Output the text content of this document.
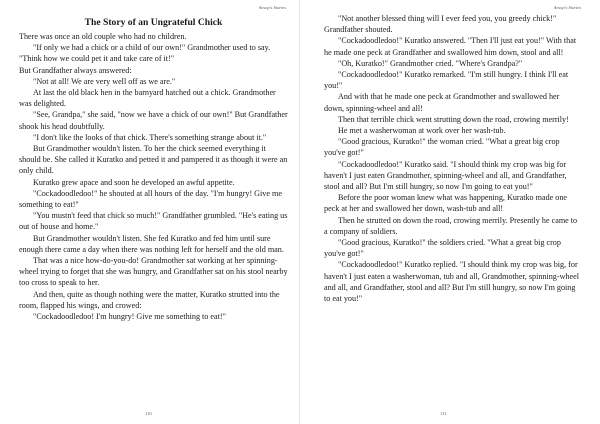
Aesop's Stories
The Story of an Ungrateful Chick

There was once an old couple who had no children.

"If only we had a chick or a child of our own!" Grandmother used to say. "Think how we could pet it and take care of it!"

But Grandfather always answered:

"Not at all! We are very well off as we are."

At last the old black hen in the barnyard hatched out a chick. Grandmother was delighted.

"See, Grandpa," she said, "now we have a chick of our own!" But Grandfather shook his head doubtfully.

"I don't like the looks of that chick. There's something strange about it."

But Grandmother wouldn't listen. To her the chick seemed everything it should be. She called it Kuratko and petted it and pampered it as though it were an only child.

Kuratko grew apace and soon he developed an awful appetite.

"Cockadoodledoo!" he shouted at all hours of the day. "I'm hungry! Give me something to eat!"

"You mustn't feed that chick so much!" Grandfather grumbled. "He's eating us out of house and home."

But Grandmother wouldn't listen. She fed Kuratko and fed him until sure enough there came a day when there was nothing left for herself and the old man.

That was a nice how-do-you-do! Grandmother sat working at her spinning-wheel trying to forget that she was hungry, and Grandfather sat on his stool nearby too cross to speak to her.

And then, quite as though nothing were the matter, Kuratko strutted into the room, flapped his wings, and crowed:

"Cockadoodledoo! I'm hungry! Give me something to eat!"

110
Aesop's Stories

"Not another blessed thing will I ever feed you, you greedy chick!" Grandfather shouted.

"Cockadoodledoo!" Kuratko answered. "Then I'll just eat you!" With that he made one peck at Grandfather and swallowed him down, stool and all!

"Oh, Kuratko!" Grandmother cried. "Where's Grandpa?"

"Cockadoodledoo!" Kuratko remarked. "I'm still hungry. I think I'll eat you!"

And with that he made one peck at Grandmother and swallowed her down, spinning-wheel and all!

Then that terrible chick went strutting down the road, crowing merrily!

He met a washerwoman at work over her wash-tub.

"Good gracious, Kuratko!" the woman cried. "What a great big crop you've got!"

"Cockadoodledoo!" Kuratko said. "I should think my crop was big for haven't I just eaten Grandmother, spinning-wheel and all, and Grandfather, stool and all? But I'm still hungry, so now I'm going to eat you!"

Before the poor woman knew what was happening, Kuratko made one peck at her and swallowed her down, wash-tub and all!

Then he strutted on down the road, crowing merrily. Presently he came to a company of soldiers.

"Good gracious, Kuratko!" the soldiers cried. "What a great big crop you've got!"

"Cockadoodledoo!" Kuratko replied. "I should think my crop was big, for haven't I just eaten a washerwoman, tub and all, Grandmother, spinning-wheel and all, and Grandfather, stool and all? But I'm still hungry, so now I'm going to eat you!"

111
